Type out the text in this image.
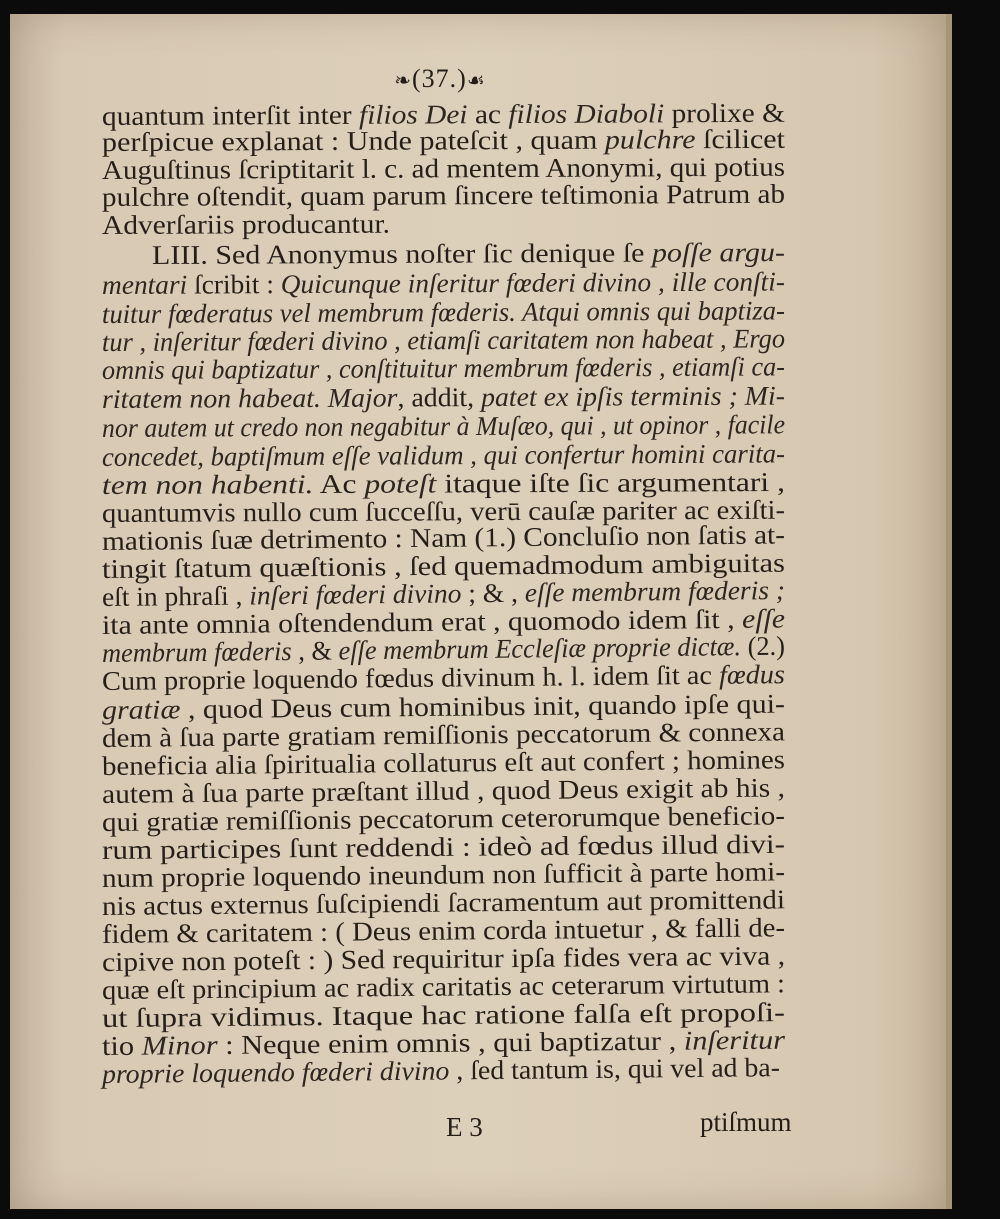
❧(37.)☙
quantum interſit inter filios Dei ac filios Diaboli prolixe &
perſpicue explanat : Unde pateſcit , quam pulchre ſcilicet
Auguſtinus ſcriptitarit l. c. ad mentem Anonymi, qui potius
pulchre oſtendit, quam parum ſincere teſtimonia Patrum ab
Adverſariis producantur.
LIII. Sed Anonymus noſter ſic denique ſe poſſe argu-
mentari ſcribit : Quicunque inſeritur fœderi divino , ille conſti-
tuitur fœderatus vel membrum fœderis. Atqui omnis qui baptiza-
tur , inſeritur fœderi divino , etiamſi caritatem non habeat , Ergo
omnis qui baptizatur , conſtituitur membrum fœderis , etiamſi ca-
ritatem non habeat. Major, addit, patet ex ipſis terminis ; Mi-
nor autem ut credo non negabitur à Muſæo, qui , ut opinor , facile
concedet, baptiſmum eſſe validum , qui confertur homini carita-
tem non habenti. Ac poteſt itaque iſte ſic argumentari ,
quantumvis nullo cum ſucceſſu, verū cauſæ pariter ac exiſti-
mationis ſuæ detrimento : Nam (1.) Concluſio non ſatis at-
tingit ſtatum quæſtionis , ſed quemadmodum ambiguitas
eſt in phraſi , inſeri fœderi divino ; & , eſſe membrum fœderis ;
ita ante omnia oſtendendum erat , quomodo idem ſit , eſſe
membrum fœderis , & eſſe membrum Eccleſiæ proprie dictæ. (2.)
Cum proprie loquendo fœdus divinum h. l. idem ſit ac fœdus
gratiæ , quod Deus cum hominibus init, quando ipſe qui-
dem à ſua parte gratiam remiſſionis peccatorum & connexa
beneficia alia ſpiritualia collaturus eſt aut confert ; homines
autem à ſua parte præſtant illud , quod Deus exigit ab his ,
qui gratiæ remiſſionis peccatorum ceterorumque beneficio-
rum participes ſunt reddendi : ideò ad fœdus illud divi-
num proprie loquendo ineundum non ſufficit à parte homi-
nis actus externus ſuſcipiendi ſacramentum aut promittendi
fidem & caritatem : ( Deus enim corda intuetur , & falli de-
cipive non poteſt : ) Sed requiritur ipſa fides vera ac viva ,
quæ eſt principium ac radix caritatis ac ceterarum virtutum :
ut ſupra vidimus. Itaque hac ratione falſa eſt propoſi-
tio Minor : Neque enim omnis , qui baptizatur , inſeritur
proprie loquendo fœderi divino , ſed tantum is, qui vel ad ba-
E 3	ptiſmum
